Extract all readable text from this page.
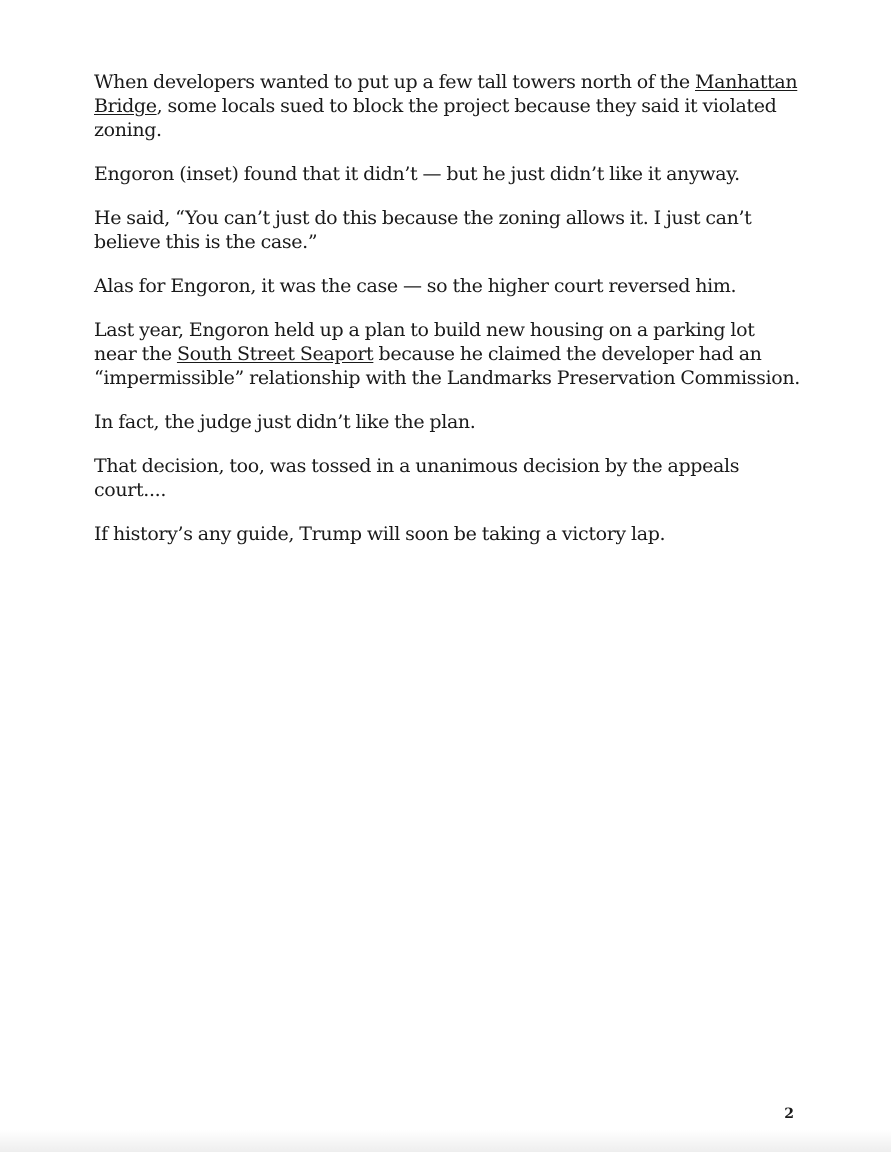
When developers wanted to put up a few tall towers north of the Manhattan Bridge, some locals sued to block the project because they said it violated zoning.

Engoron (inset) found that it didn’t — but he just didn’t like it anyway.

He said, “You can’t just do this because the zoning allows it. I just can’t believe this is the case.”

Alas for Engoron, it was the case — so the higher court reversed him.

Last year, Engoron held up a plan to build new housing on a parking lot near the South Street Seaport because he claimed the developer had an “impermissible” relationship with the Landmarks Preservation Commission.

In fact, the judge just didn’t like the plan.

That decision, too, was tossed in a unanimous decision by the appeals court....

If history’s any guide, Trump will soon be taking a victory lap.

2
